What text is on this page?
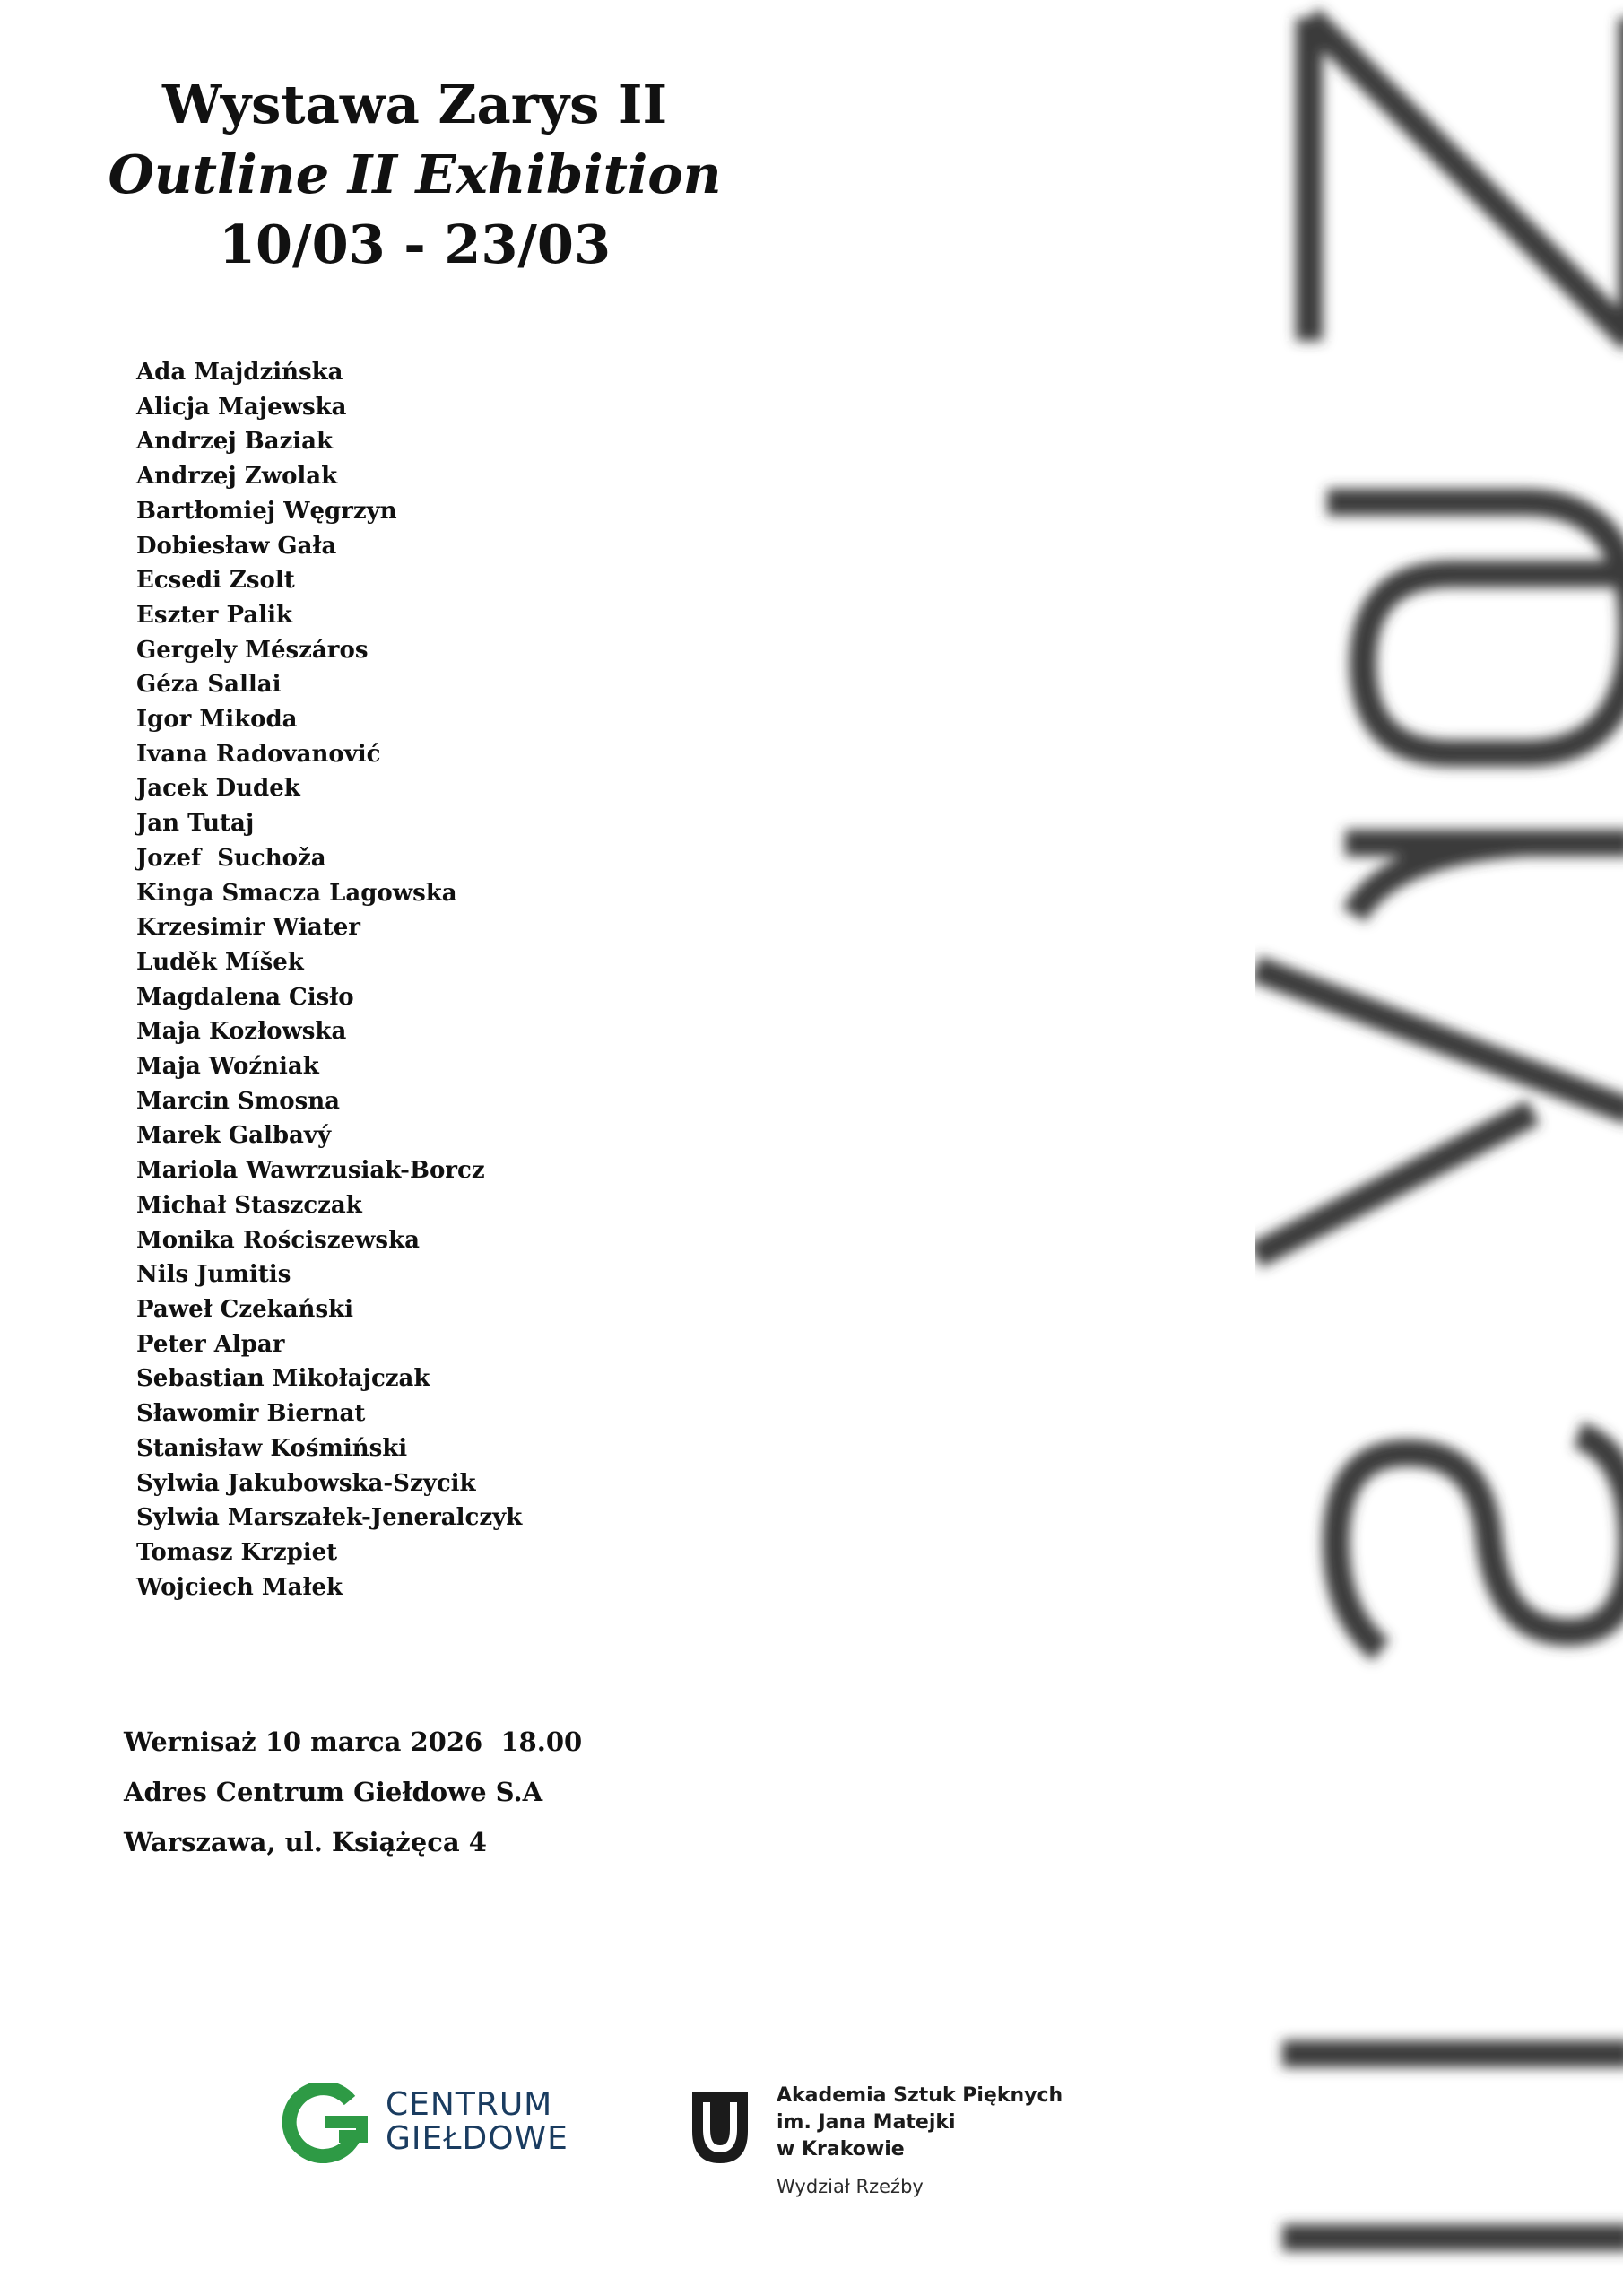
Wystawa Zarys II
Outline II Exhibition
10/03 - 23/03
Ada Majdzińska
Alicja Majewska
Andrzej Baziak
Andrzej Zwolak
Bartłomiej Węgrzyn
Dobiesław Gała
Ecsedi Zsolt
Eszter Palik
Gergely Mészáros
Géza Sallai
Igor Mikoda
Ivana Radovanović
Jacek Dudek
Jan Tutaj
Jozef  Suchoža
Kinga Smacza Lagowska
Krzesimir Wiater
Luděk Míšek
Magdalena Cisło
Maja Kozłowska
Maja Woźniak
Marcin Smosna
Marek Galbavý
Mariola Wawrzusiak-Borcz
Michał Staszczak
Monika Rościszewska
Nils Jumitis
Paweł Czekański
Peter Alpar
Sebastian Mikołajczak
Sławomir Biernat
Stanisław Kośmiński
Sylwia Jakubowska-Szycik
Sylwia Marszałek-Jeneralczyk
Tomasz Krzpiet
Wojciech Małek
Wernisaż 10 marca 2026  18.00
Adres Centrum Giełdowe S.A
Warszawa, ul. Książęca 4
CENTRUM
GIEŁDOWE
Akademia Sztuk Pięknych
im. Jana Matejki
w Krakowie
Wydział Rzeźby
